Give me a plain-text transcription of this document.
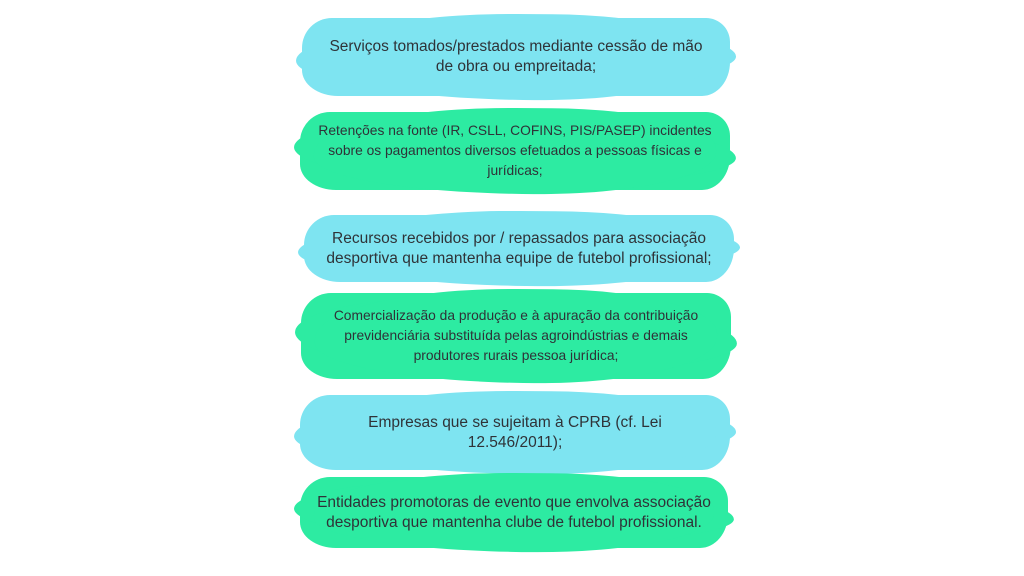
Serviços tomados/prestados mediante cessão de mão
de obra ou empreitada;
Retenções na fonte (IR, CSLL, COFINS, PIS/PASEP) incidentes
sobre os pagamentos diversos efetuados a pessoas físicas e
jurídicas;
Recursos recebidos por / repassados para associação
desportiva que mantenha equipe de futebol profissional;
Comercialização da produção e à apuração da contribuição
previdenciária substituída pelas agroindústrias e demais
produtores rurais pessoa jurídica;
Empresas que se sujeitam à CPRB (cf. Lei
12.546/2011);
Entidades promotoras de evento que envolva associação
desportiva que mantenha clube de futebol profissional.
